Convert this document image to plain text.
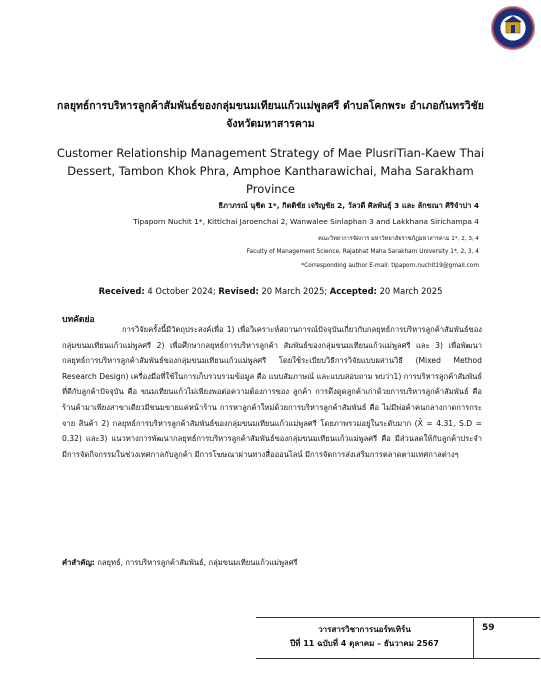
กลยุทธ์การบริหารลูกค้าสัมพันธ์ของกลุ่มขนมเทียนแก้วแม่พูลศรี ตำบลโคกพระ อำเภอกันทรวิชัย
จังหวัดมหาสารคาม
Customer Relationship Management Strategy of Mae PlusriTian-Kaew Thai
Dessert, Tambon Khok Phra, Amphoe Kantharawichai, Maha Sarakham Province
ธิภาภรณ์ นุชิต 1*, กิตติชัย เจริญชัย 2, วัลวดี ศิลพันธุ์ 3 และ ลักขณา ศิริจำปา 4
Tipaporn Nuchit 1*, Kittichai Jaroenchai 2, Wanwalee Sinlaphan 3 and Lakkhana Sirichampa 4
คณะวิทยาการจัดการ มหาวิทยาลัยราชภัฏมหาสารคาม 1*, 2, 3, 4
Faculty of Management Science, Rajabhat Maha Sarakham University 1*, 2, 3, 4
*Corresponding author E-mail: tipaporn.nuchit19@gmail.com
Received: 4 October 2024; Revised: 20 March 2025; Accepted: 20 March 2025
บทคัดย่อ

การวิจัยครั้งนี้มีวัตถุประสงค์เพื่อ 1) เพื่อวิเคราะห์สถานการณ์ปัจจุบันเกี่ยวกับกลยุทธ์การบริหารลูกค้าสัมพันธ์ของกลุ่มขนมเทียนแก้วแม่พูลศรี 2) เพื่อศึกษากลยุทธ์การบริหารลูกค้า สัมพันธ์ของกลุ่มขนมเทียนแก้วแม่พูลศรี และ 3) เพื่อพัฒนากลยุทธ์การบริหารลูกค้าสัมพันธ์ของกลุ่มขนมเทียนแก้วแม่พูลศรี โดยใช้ระเบียบวิธีการวิจัยแบบผสานวิธี (Mixed Method Research Design) เครื่องมือที่ใช้ในการเก็บรวบรวมข้อมูล คือ แบบสัมภาษณ์ และแบบสอบถาม พบว่า1) การบริหารลูกค้าสัมพันธ์ที่ดีกับลูกค้าปัจจุบัน คือ ขนมเทียนแก้วไม่เพียงพอต่อความต้องการของ ลูกค้า การดึงดูดลูกค้าเก่าด้วยการบริหารลูกค้าสัมพันธ์ คือ ร้านค้ามาเพียงสาขาเดียวมีขนมขายแค่หน้าร้าน การหาลูกค้าใหม่ด้วยการบริหารลูกค้าสัมพันธ์ คือ ไม่มีพ่อค้าคนกลางกาดการกระจาย สินค้า 2) กลยุทธ์การบริหารลูกค้าสัมพันธ์ของกลุ่มขนมเทียนแก้วแม่พูลศรี โดยภาพรวมอยู่ในระดับมาก (X̄ = 4.31, S.D = 0.32) และ3) แนวทางการพัฒนากลยุทธ์การบริหารลูกค้าสัมพันธ์ของกลุ่มขนมเทียนแก้วแม่พูลศรี คือ มีส่วนลดให้กับลูกค้าประจำ มีการจัดกิจกรรมในช่วงเทศกาลกับลูกค้า มีการโฆษณาผ่านทางสื่อออนไลน์ มีการจัดการส่งเสริมการตลาดตามเทศกาลต่างๆ

คำสำคัญ: กลยุทธ์, การบริหารลูกค้าสัมพันธ์, กลุ่มขนมเทียนแก้วแม่พูลศรี
วารสารวิชาการนอร์ทเทิร์น
ปีที่ 11 ฉบับที่ 4 ตุลาคม – ธันวาคม 2567
59
